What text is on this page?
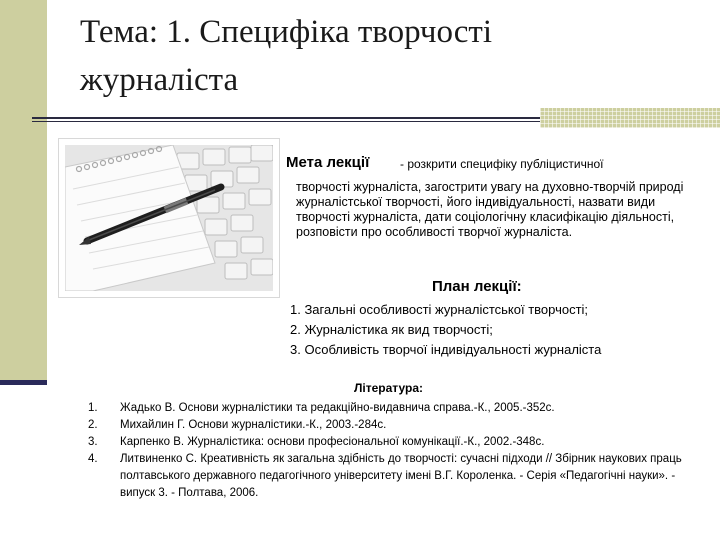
Тема: 1. Специфіка творчості журналіста
Мета лекції	- розкрити специфіку публіцистичної

творчості журналіста, загострити увагу на духовно-творчій природі журналістської творчості, його індивідуальності, назвати види творчості журналіста, дати соціологічну класифікацію діяльності, розповісти про особливості творчої журналіста.

План лекції:
1. Загальні особливості журналістської творчості;
2. Журналістика як вид творчості;
3. Особливість творчої індивідуальності журналіста
Література:
1.	Жадько В. Основи журналістики та редакційно-видавнича справа.-К., 2005.-352с.
2.	Михайлин Г. Основи журналістики.-К., 2003.-284с.
3.	Карпенко В. Журналістика: основи професіональної комунікації.-К., 2002.-348с.
4.	Литвиненко С. Креативність як загальна здібність до творчості: сучасні підходи // Збірник наукових праць полтавського державного педагогічного університету імені В.Г. Короленка. - Серія «Педагогічні науки». - випуск 3. - Полтава, 2006.
